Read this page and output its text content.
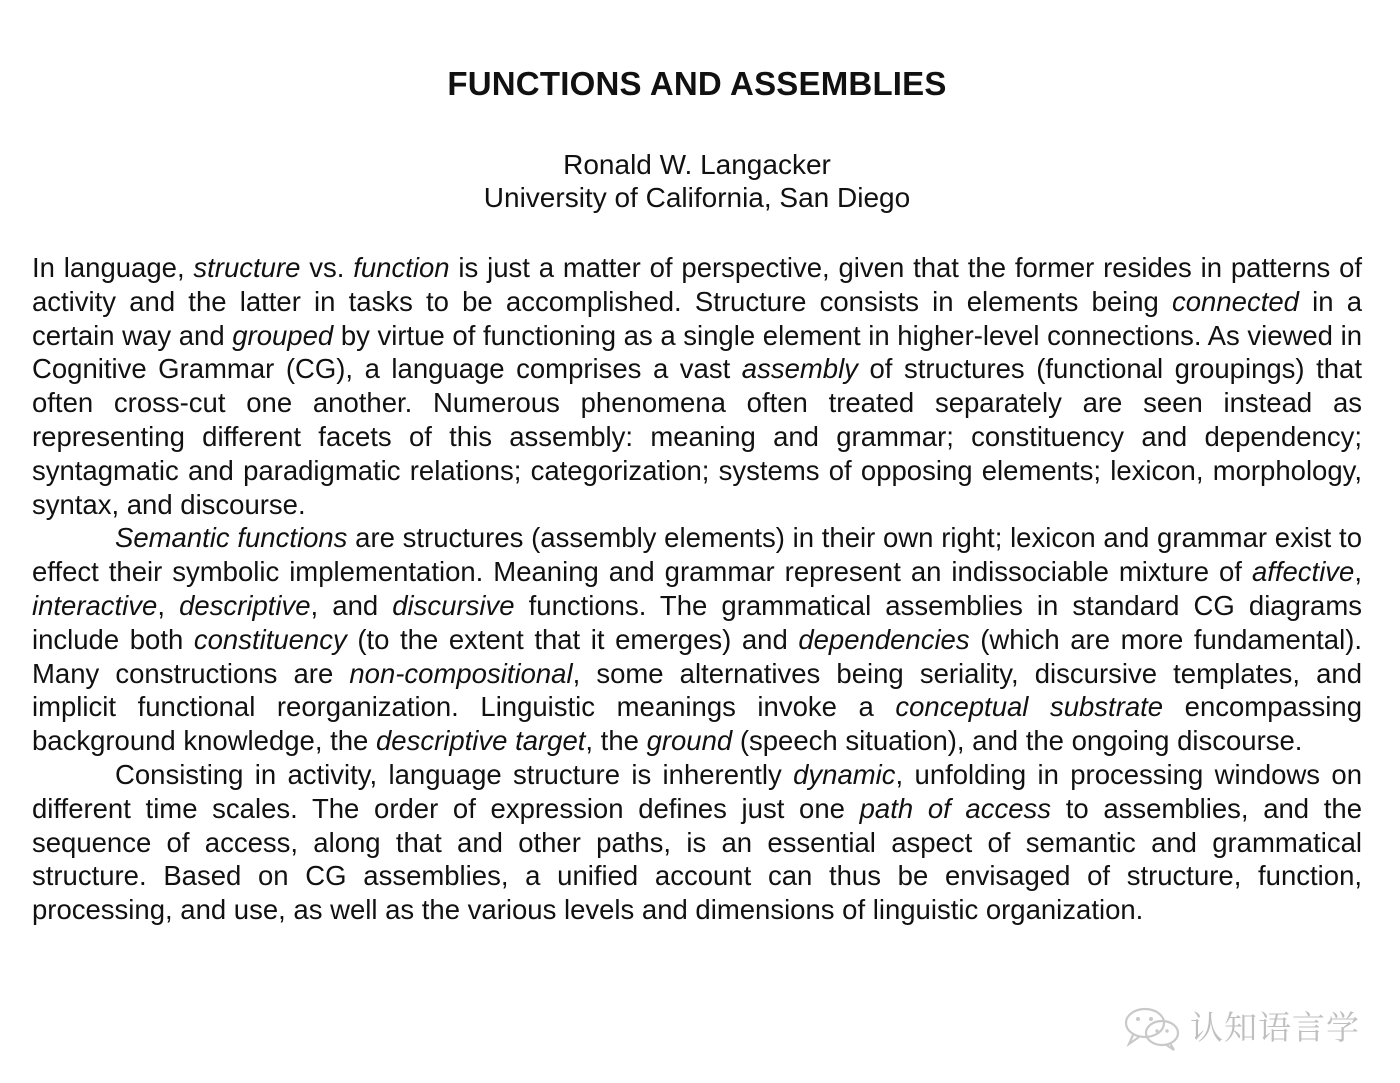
FUNCTIONS AND ASSEMBLIES
Ronald W. Langacker
University of California, San Diego

In language, structure vs. function is just a matter of perspective, given that the former resides in patterns of activity and the latter in tasks to be accomplished. Structure consists in elements being connected in a certain way and grouped by virtue of functioning as a single element in higher-level connections. As viewed in Cognitive Grammar (CG), a language comprises a vast assembly of structures (functional groupings) that often cross-cut one another. Numerous phenomena often treated separately are seen instead as representing different facets of this assembly: meaning and grammar; constituency and dependency; syntagmatic and paradigmatic relations; categorization; systems of opposing elements; lexicon, morphology, syntax, and discourse.

Semantic functions are structures (assembly elements) in their own right; lexicon and grammar exist to effect their symbolic implementation. Meaning and grammar represent an indissociable mixture of affective, interactive, descriptive, and discursive functions. The grammatical assemblies in standard CG diagrams include both constituency (to the extent that it emerges) and dependencies (which are more fundamental). Many constructions are non-compositional, some alternatives being seriality, discursive templates, and implicit functional reorganization. Linguistic meanings invoke a conceptual substrate encompassing background knowledge, the descriptive target, the ground (speech situation), and the ongoing discourse.

Consisting in activity, language structure is inherently dynamic, unfolding in processing windows on different time scales. The order of expression defines just one path of access to assemblies, and the sequence of access, along that and other paths, is an essential aspect of semantic and grammatical structure. Based on CG assemblies, a unified account can thus be envisaged of structure, function, processing, and use, as well as the various levels and dimensions of linguistic organization.

认知语言学
